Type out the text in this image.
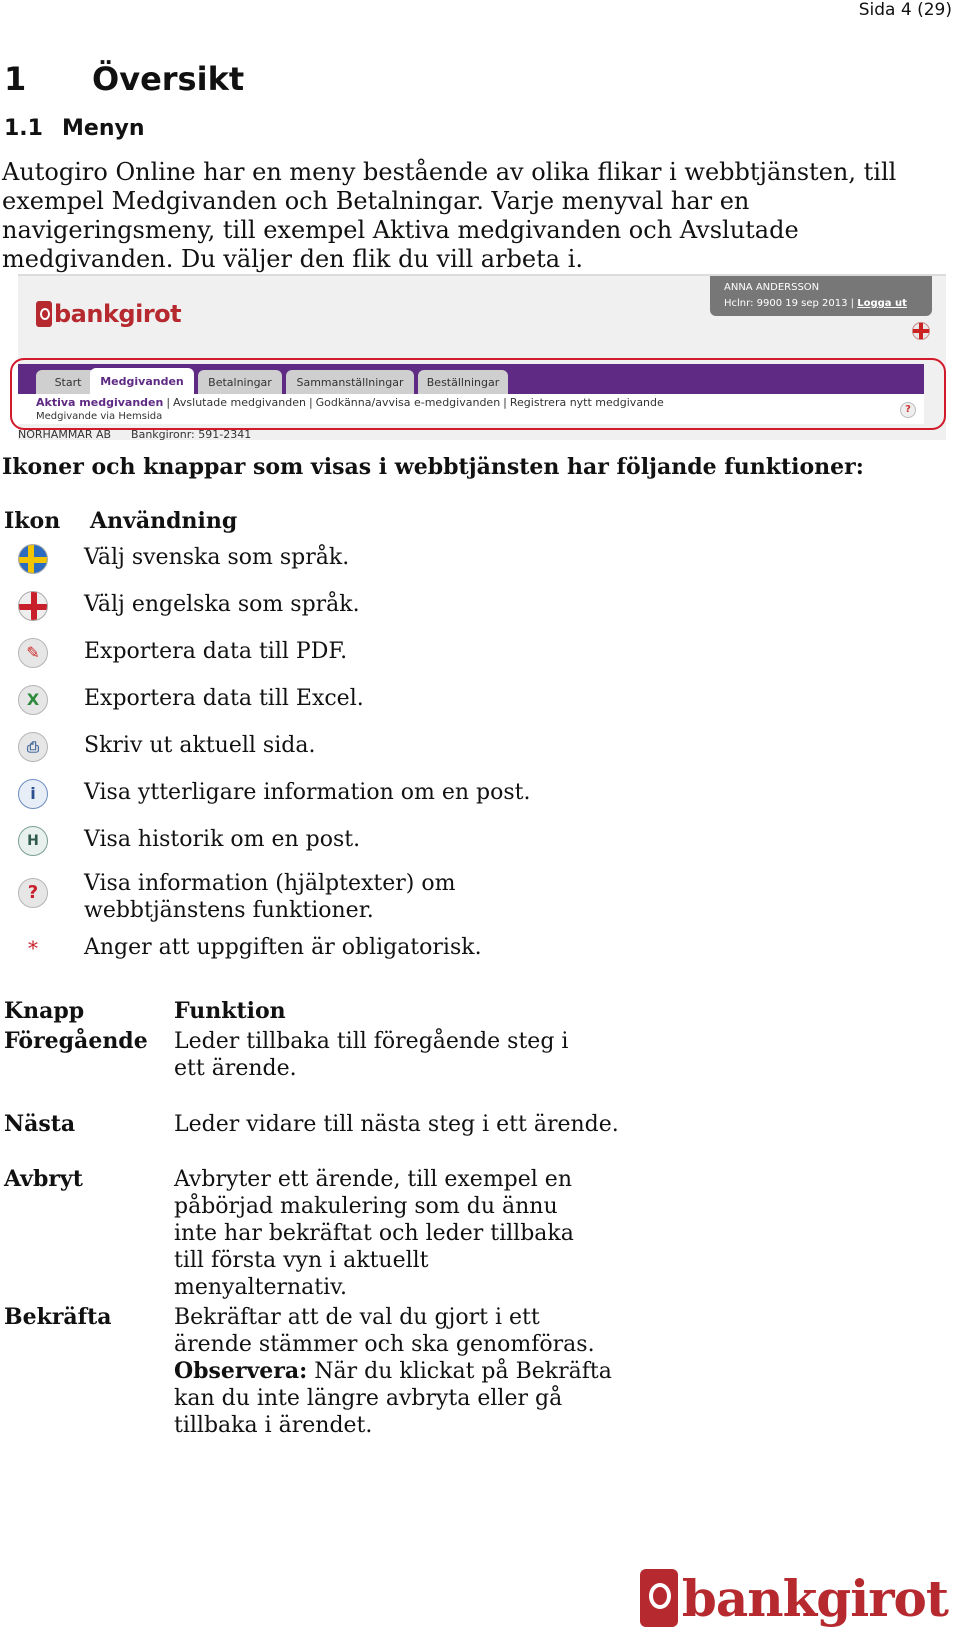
Sida 4 (29)
1 Översikt
1.1 Menyn
Autogiro Online har en meny bestående av olika flikar i webbtjänsten, till exempel Medgivanden och Betalningar. Varje menyval har en navigeringsmeny, till exempel Aktiva medgivanden och Avslutade medgivanden. Du väljer den flik du vill arbeta i.
bankgirot
ANNA ANDERSSON
Hclnr: 9900 19 sep 2013 | Logga ut
Start	Medgivanden	Betalningar	Sammanställningar	Beställningar
Aktiva medgivanden | Avslutade medgivanden | Godkänna/avvisa e-medgivanden | Registrera nytt medgivande
Medgivande via Hemsida
?
NORHAMMAR AB Bankgironr: 591-2341
Ikoner och knappar som visas i webbtjänsten har följande funktioner:
Ikon Användning
Välj svenska som språk.
Välj engelska som språk.
✎	Exportera data till PDF.
X	Exportera data till Excel.
⎙	Skriv ut aktuell sida.
i	Visa ytterligare information om en post.
H	Visa historik om en post.
?	Visa information (hjälptexter) om webbtjänstens funktioner.
*	Anger att uppgiften är obligatorisk.
Knapp	Funktion
Föregående Leder tillbaka till föregående steg i ett ärende.
Nästa	Leder vidare till nästa steg i ett ärende.
Avbryt	Avbryter ett ärende, till exempel en påbörjad makulering som du ännu inte har bekräftat och leder tillbaka till första vyn i aktuellt menyalternativ.
Bekräfta	Bekräftar att de val du gjort i ett ärende stämmer och ska genomföras.
Observera: När du klickat på Bekräfta kan du inte längre avbryta eller gå tillbaka i ärendet.
bankgirot
